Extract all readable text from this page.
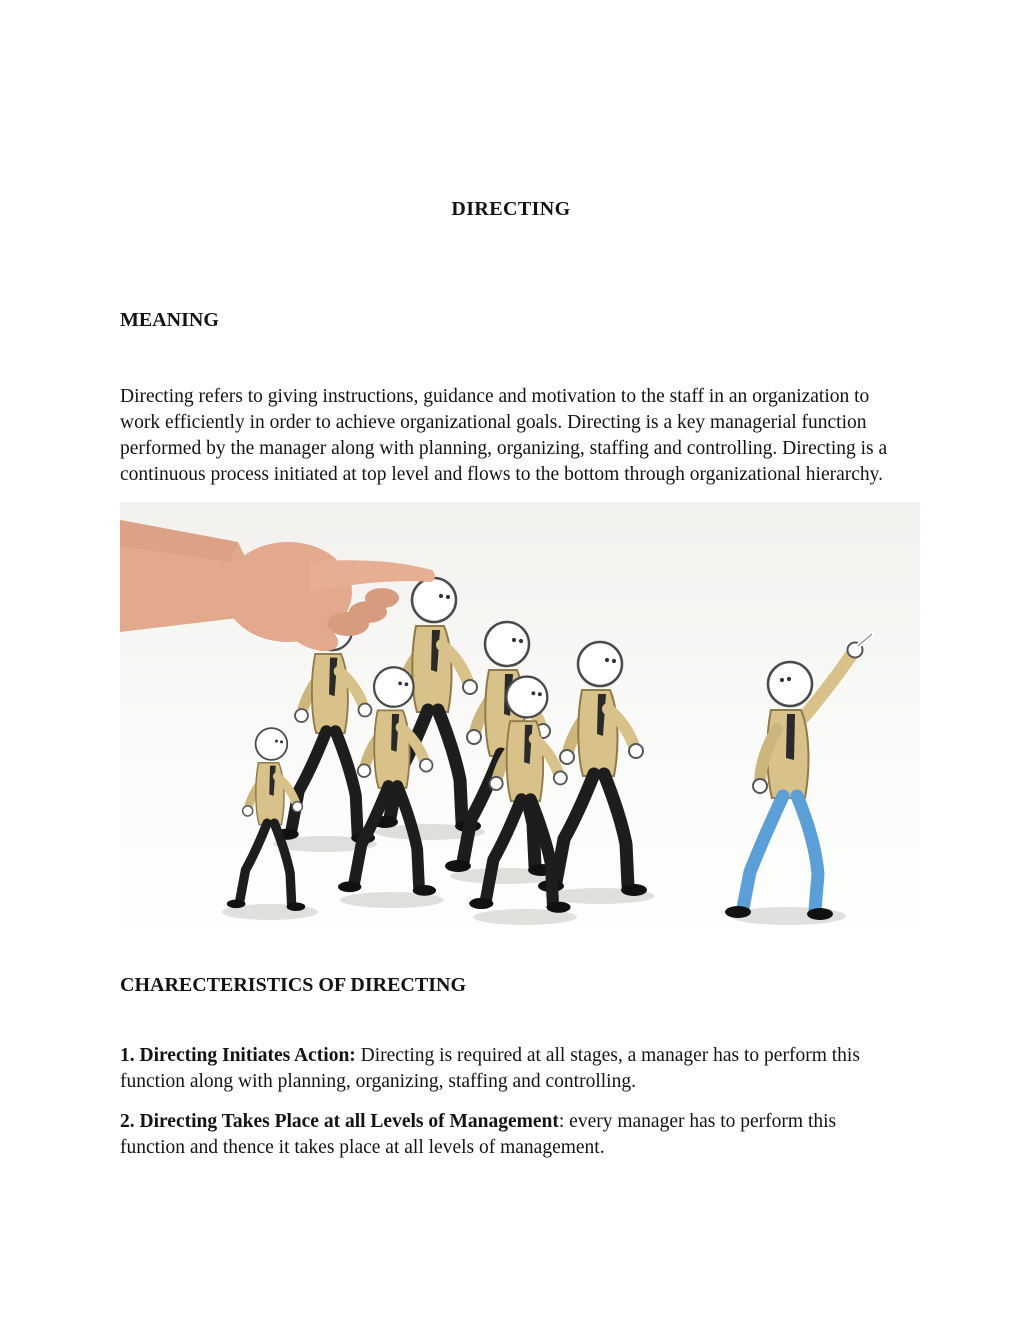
DIRECTING
MEANING

Directing refers to giving instructions, guidance and motivation to the staff in an organization to work efficiently in order to achieve organizational goals. Directing is a key managerial function performed by the manager along with planning, organizing, staffing and controlling. Directing is a continuous process initiated at top level and flows to the bottom through organizational hierarchy.

CHARECTERISTICS OF DIRECTING

1. Directing Initiates Action: Directing is required at all stages, a manager has to perform this function along with planning, organizing, staffing and controlling.

2. Directing Takes Place at all Levels of Management: every manager has to perform this function and thence it takes place at all levels of management.
